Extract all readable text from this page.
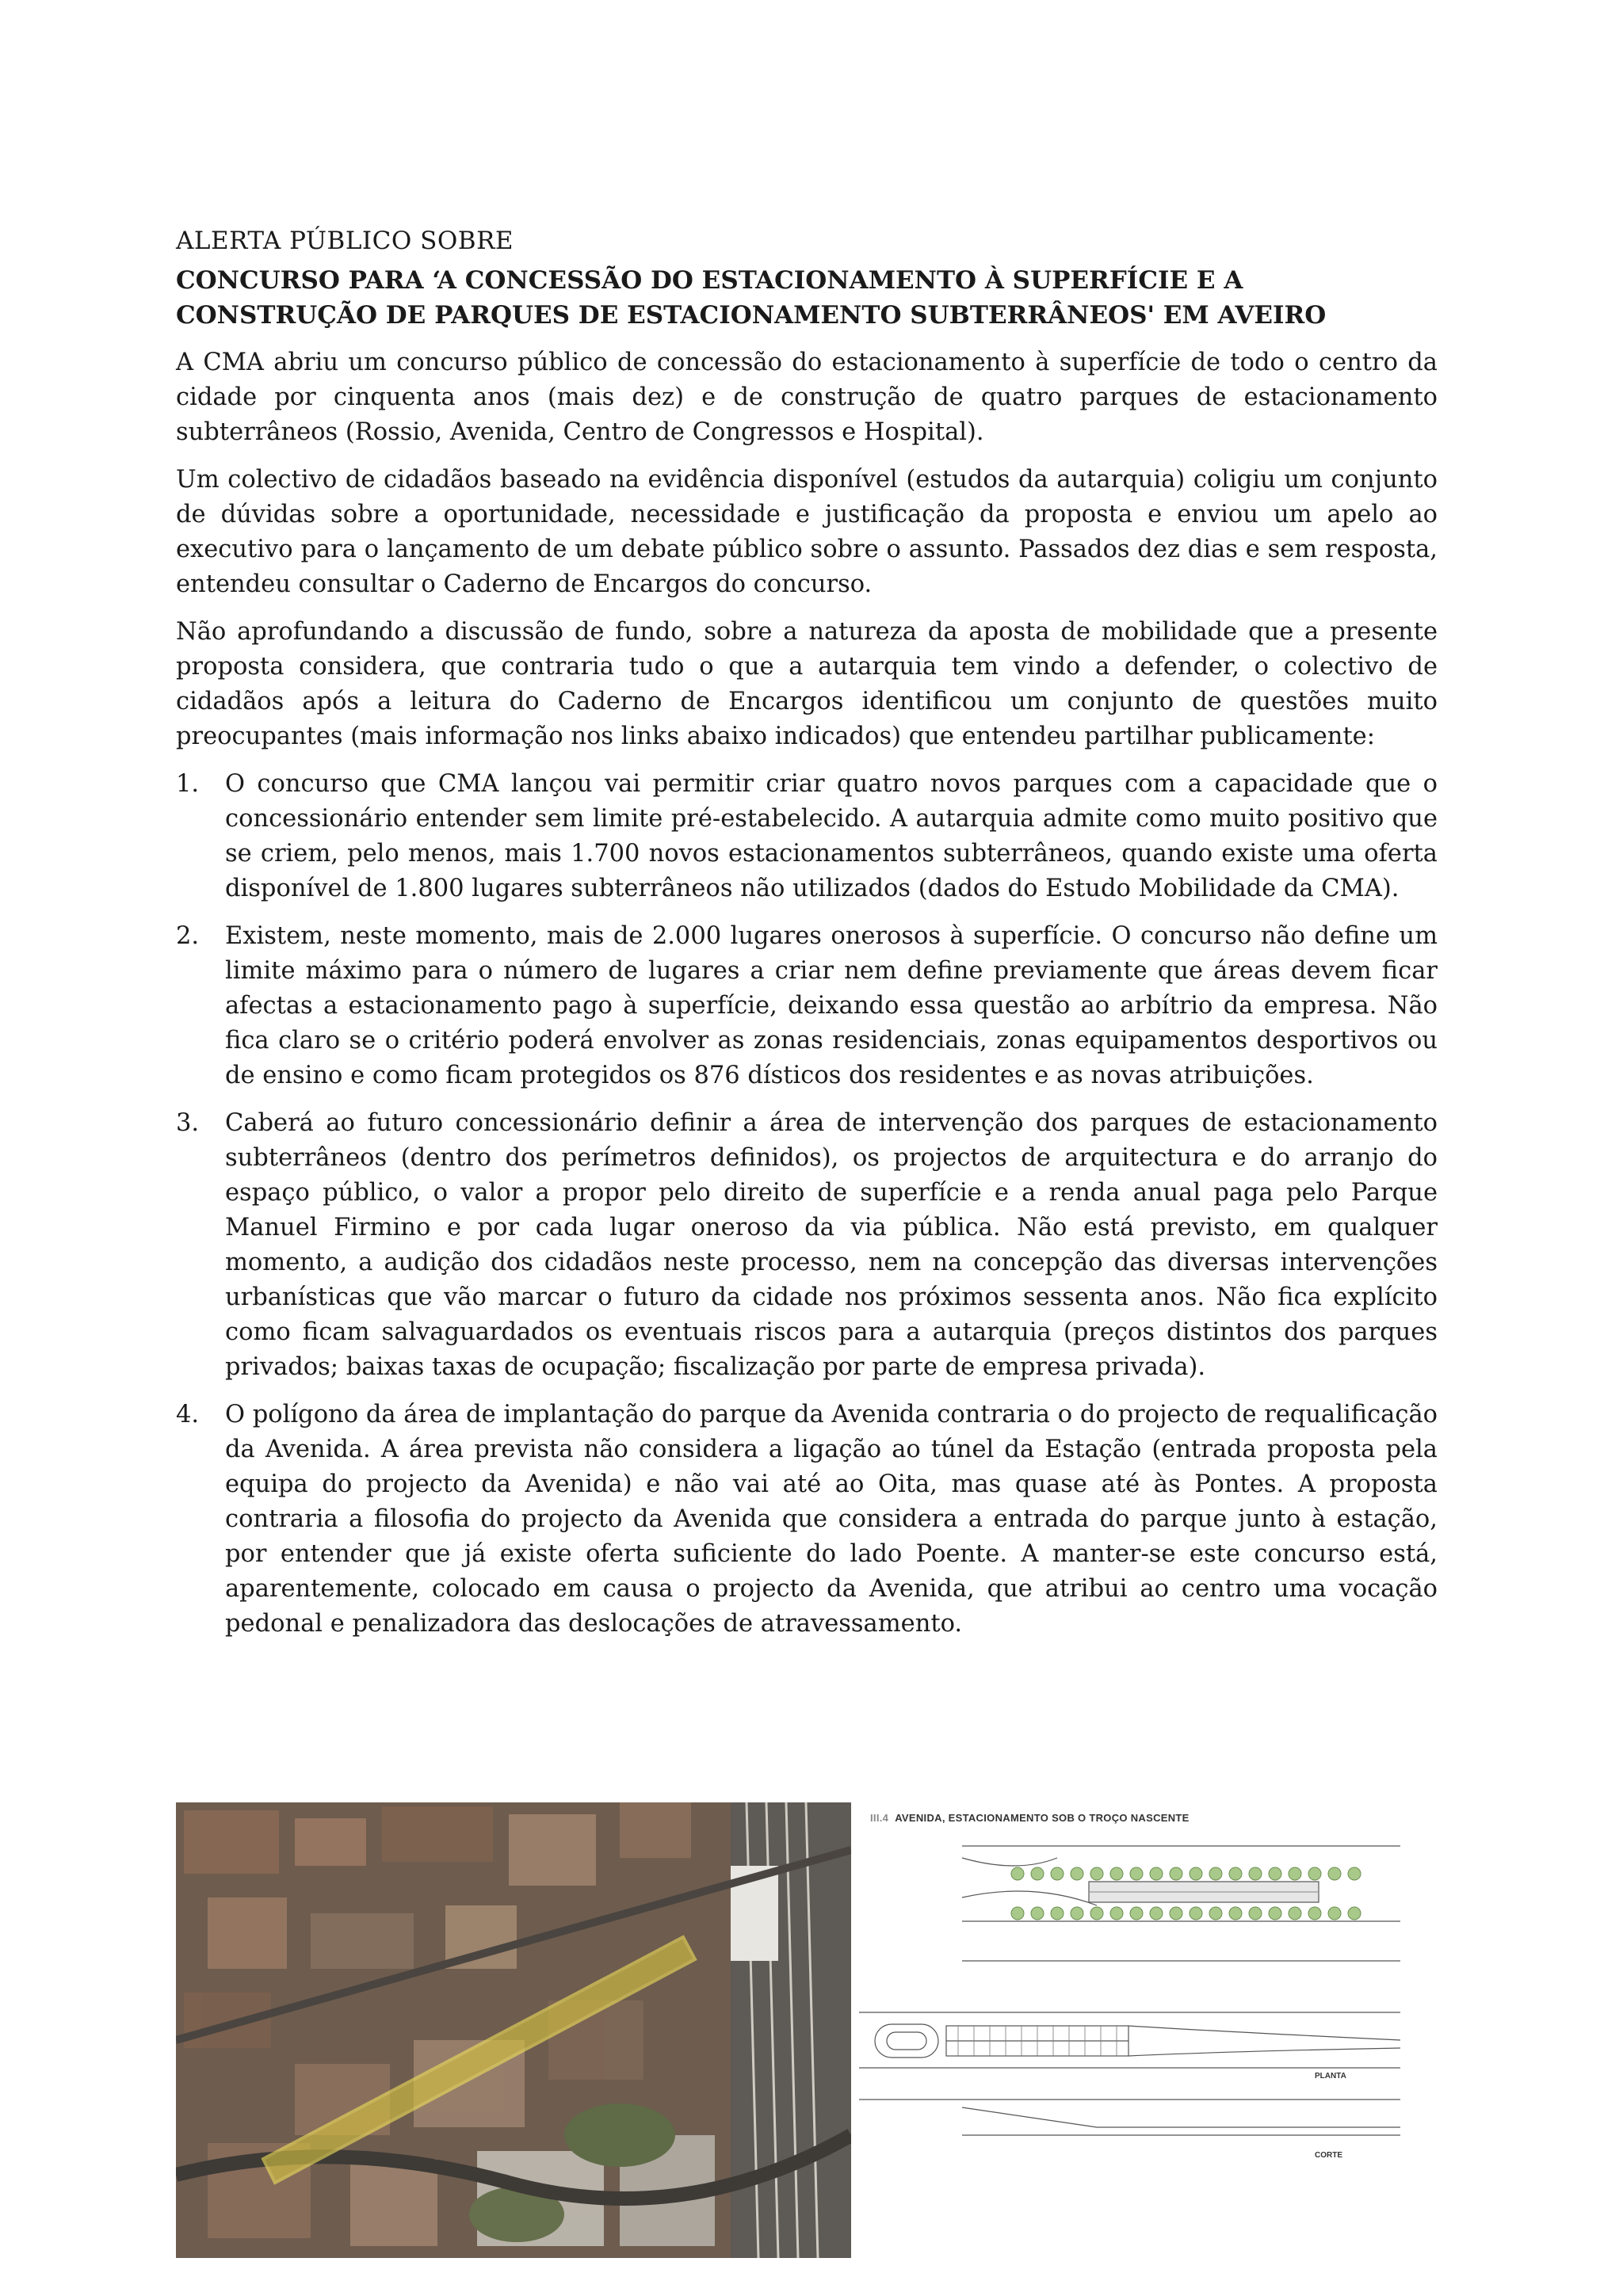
ALERTA PÚBLICO SOBRE
CONCURSO PARA ‘A CONCESSÃO DO ESTACIONAMENTO À SUPERFÍCIE E A CONSTRUÇÃO DE PARQUES DE ESTACIONAMENTO SUBTERRÂNEOS' EM AVEIRO

A CMA abriu um concurso público de concessão do estacionamento à superfície de todo o centro da cidade por cinquenta anos (mais dez) e de construção de quatro parques de estacionamento subterrâneos (Rossio, Avenida, Centro de Congressos e Hospital).

Um colectivo de cidadãos baseado na evidência disponível (estudos da autarquia) coligiu um conjunto de dúvidas sobre a oportunidade, necessidade e justificação da proposta e enviou um apelo ao executivo para o lançamento de um debate público sobre o assunto. Passados dez dias e sem resposta, entendeu consultar o Caderno de Encargos do concurso.

Não aprofundando a discussão de fundo, sobre a natureza da aposta de mobilidade que a presente proposta considera, que contraria tudo o que a autarquia tem vindo a defender, o colectivo de cidadãos após a leitura do Caderno de Encargos identificou um conjunto de questões muito preocupantes (mais informação nos links abaixo indicados) que entendeu partilhar publicamente:

1. O concurso que CMA lançou vai permitir criar quatro novos parques com a capacidade que o concessionário entender sem limite pré-estabelecido. A autarquia admite como muito positivo que se criem, pelo menos, mais 1.700 novos estacionamentos subterrâneos, quando existe uma oferta disponível de 1.800 lugares subterrâneos não utilizados (dados do Estudo Mobilidade da CMA).
2. Existem, neste momento, mais de 2.000 lugares onerosos à superfície. O concurso não define um limite máximo para o número de lugares a criar nem define previamente que áreas devem ficar afectas a estacionamento pago à superfície, deixando essa questão ao arbítrio da empresa. Não fica claro se o critério poderá envolver as zonas residenciais, zonas equipamentos desportivos ou de ensino e como ficam protegidos os 876 dísticos dos residentes e as novas atribuições.
3. Caberá ao futuro concessionário definir a área de intervenção dos parques de estacionamento subterrâneos (dentro dos perímetros definidos), os projectos de arquitectura e do arranjo do espaço público, o valor a propor pelo direito de superfície e a renda anual paga pelo Parque Manuel Firmino e por cada lugar oneroso da via pública. Não está previsto, em qualquer momento, a audição dos cidadãos neste processo, nem na concepção das diversas intervenções urbanísticas que vão marcar o futuro da cidade nos próximos sessenta anos. Não fica explícito como ficam salvaguardados os eventuais riscos para a autarquia (preços distintos dos parques privados; baixas taxas de ocupação; fiscalização por parte de empresa privada).
4. O polígono da área de implantação do parque da Avenida contraria o do projecto de requalificação da Avenida. A área prevista não considera a ligação ao túnel da Estação (entrada proposta pela equipa do projecto da Avenida) e não vai até ao Oita, mas quase até às Pontes. A proposta contraria a filosofia do projecto da Avenida que considera a entrada do parque junto à estação, por entender que já existe oferta suficiente do lado Poente. A manter-se este concurso está, aparentemente, colocado em causa o projecto da Avenida, que atribui ao centro uma vocação pedonal e penalizadora das deslocações de atravessamento.
III.4 AVENIDA, ESTACIONAMENTO SOB O TROÇO NASCENTE
PLANTA
CORTE
